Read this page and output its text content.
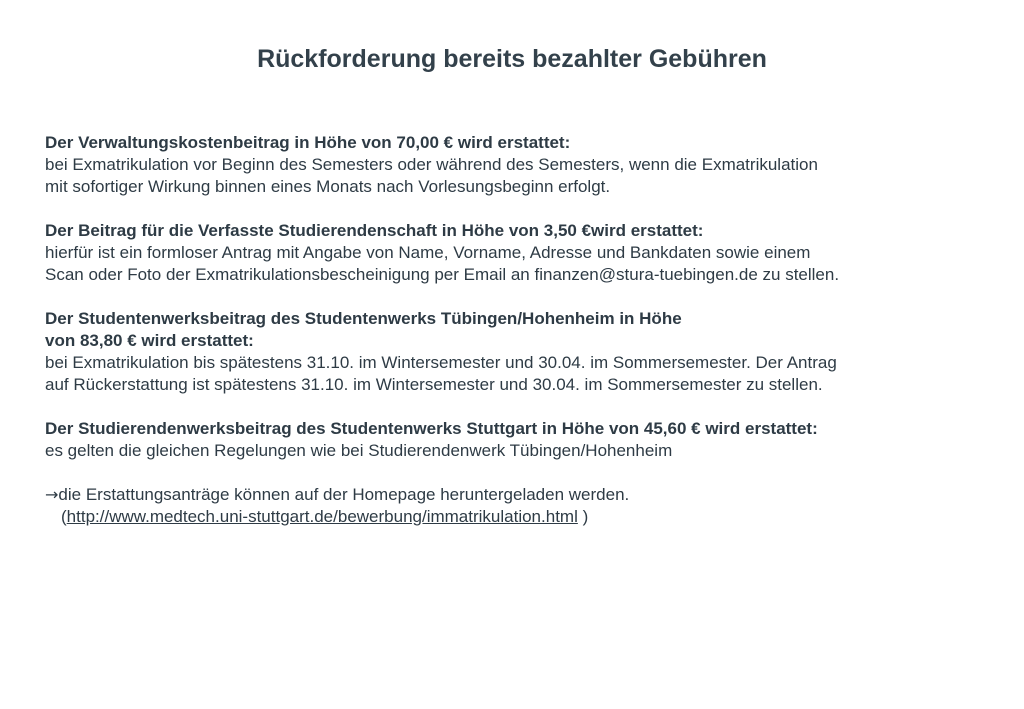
Rückforderung bereits bezahlter Gebühren

Der Verwaltungskostenbeitrag in Höhe von 70,00 € wird erstattet:

bei Exmatrikulation vor Beginn des Semesters oder während des Semesters, wenn die Exmatrikulation

mit sofortiger Wirkung binnen eines Monats nach Vorlesungsbeginn erfolgt.

Der Beitrag für die Verfasste Studierendenschaft in Höhe von 3,50 €wird erstattet:

hierfür ist ein formloser Antrag mit Angabe von Name, Vorname, Adresse und Bankdaten sowie einem

Scan oder Foto der Exmatrikulationsbescheinigung per Email an finanzen@stura-tuebingen.de zu stellen.

Der Studentenwerksbeitrag des Studentenwerks Tübingen/Hohenheim in Höhe

von 83,80 € wird erstattet:

bei Exmatrikulation bis spätestens 31.10. im Wintersemester und 30.04. im Sommersemester. Der Antrag

auf Rückerstattung ist spätestens 31.10. im Wintersemester und 30.04. im Sommersemester zu stellen.

Der Studierendenwerksbeitrag des Studentenwerks Stuttgart in Höhe von 45,60 € wird erstattet:

es gelten die gleichen Regelungen wie bei Studierendenwerk Tübingen/Hohenheim

→die Erstattungsanträge können auf der Homepage heruntergeladen werden.

(http://www.medtech.uni-stuttgart.de/bewerbung/immatrikulation.html )
